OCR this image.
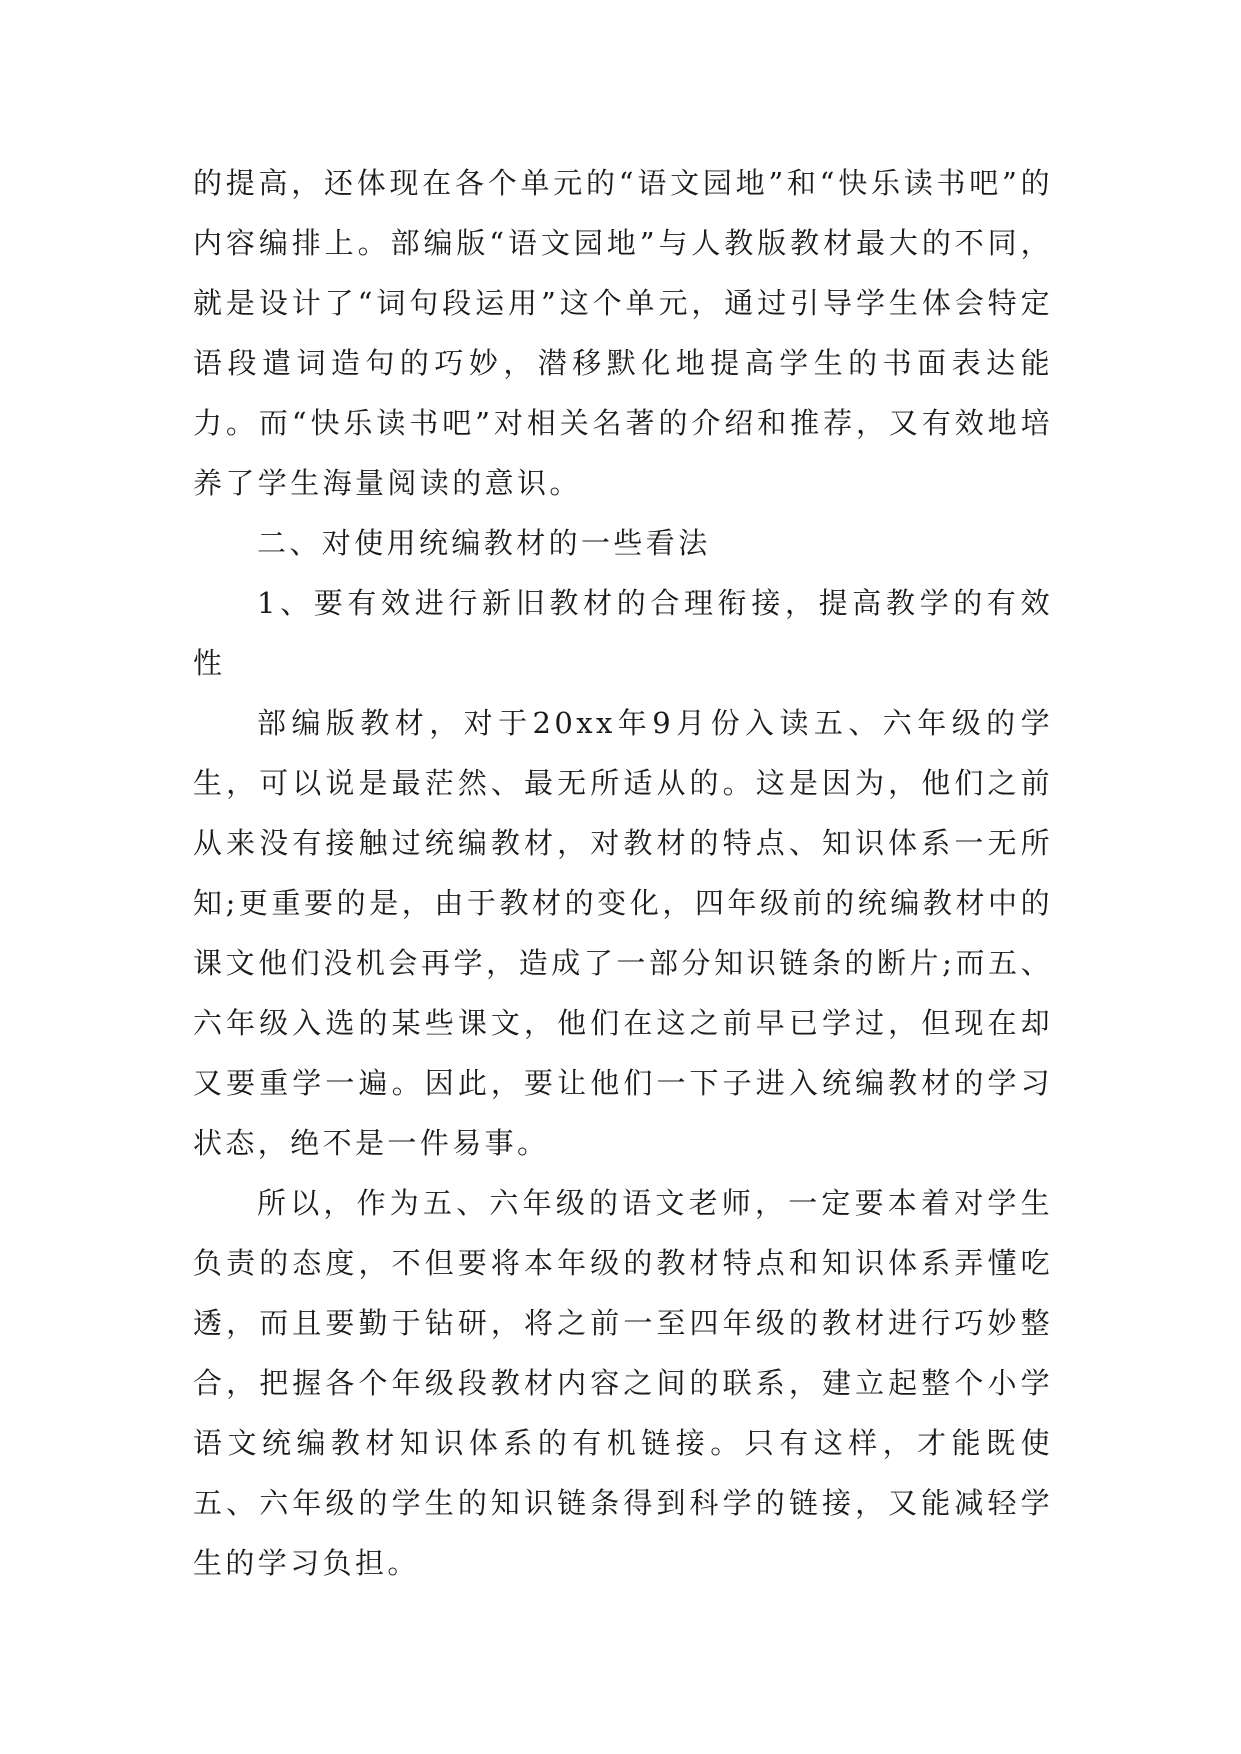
的提高，还体现在各个单元的“语文园地”和“快乐读书吧”的内容编排上。部编版“语文园地”与人教版教材最大的不同，就是设计了“词句段运用”这个单元，通过引导学生体会特定语段遣词造句的巧妙，潜移默化地提高学生的书面表达能力。而“快乐读书吧”对相关名著的介绍和推荐，又有效地培养了学生海量阅读的意识。

二、对使用统编教材的一些看法

1、要有效进行新旧教材的合理衔接，提高教学的有效性

部编版教材，对于20xx年9月份入读五、六年级的学生，可以说是最茫然、最无所适从的。这是因为，他们之前从来没有接触过统编教材，对教材的特点、知识体系一无所知;更重要的是，由于教材的变化，四年级前的统编教材中的课文他们没机会再学，造成了一部分知识链条的断片;而五、六年级入选的某些课文，他们在这之前早已学过，但现在却又要重学一遍。因此，要让他们一下子进入统编教材的学习状态，绝不是一件易事。

所以，作为五、六年级的语文老师，一定要本着对学生负责的态度，不但要将本年级的教材特点和知识体系弄懂吃透，而且要勤于钻研，将之前一至四年级的教材进行巧妙整合，把握各个年级段教材内容之间的联系，建立起整个小学语文统编教材知识体系的有机链接。只有这样，才能既使五、六年级的学生的知识链条得到科学的链接，又能减轻学生的学习负担。
